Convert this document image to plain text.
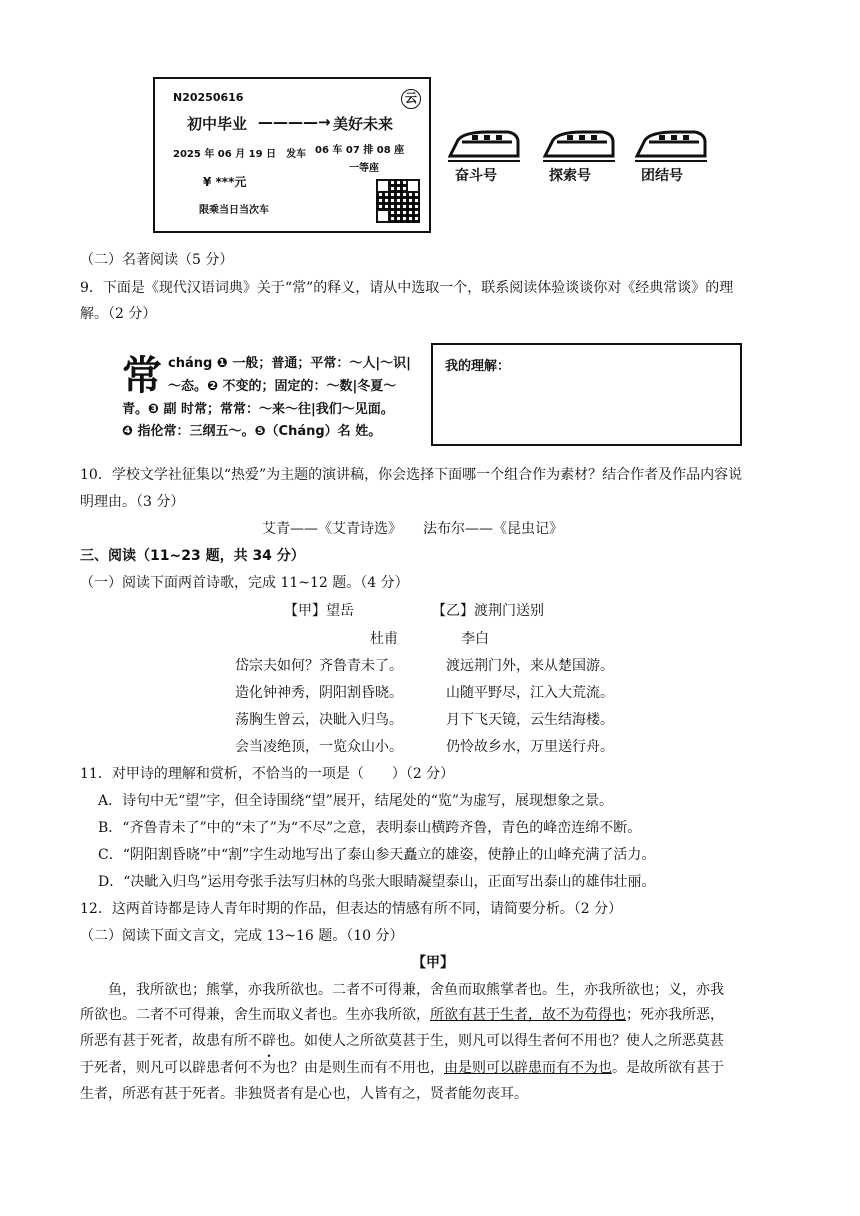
N20250616	云
初中毕业 ————→ 美好未来
2025 年 06 月 19 日　发车 06 车 07 排 08 座
一等座
¥ ***元
限乘当日当次车
奋斗号	探索号	团结号
（二）名著阅读（5 分）
9．下面是《现代汉语词典》关于“常”的释义，请从中选取一个，联系阅读体验谈谈你对《经典常谈》的理
解。（2 分）
常 cháng ❶ 一般；普通；平常：～人|～识|
～态。❷ 不变的；固定的：～数|冬夏～
青。❸ 副 时常；常常：～来～往|我们～见面。
❹ 指伦常：三纲五～。❺（Cháng）名 姓。
我的理解：
10．学校文学社征集以“热爱”为主题的演讲稿，你会选择下面哪一个组合作为素材？结合作者及作品内容说
明理由。（3 分）
艾青——《艾青诗选》　　法布尔——《昆虫记》
三、阅读（11~23 题，共 34 分）
（一）阅读下面两首诗歌，完成 11~12 题。（4 分）
【甲】望岳	【乙】渡荆门送别
杜甫	李白
岱宗夫如何？齐鲁青未了。
造化钟神秀，阴阳割昏晓。
荡胸生曾云，决眦入归鸟。
会当凌绝顶，一览众山小。
渡远荆门外，来从楚国游。
山随平野尽，江入大荒流。
月下飞天镜，云生结海楼。
仍怜故乡水，万里送行舟。
11．对甲诗的理解和赏析，不恰当的一项是（　　）（2 分）
A．诗句中无“望”字，但全诗围绕“望”展开，结尾处的“览”为虚写，展现想象之景。
B．“齐鲁青未了”中的“未了”为“不尽”之意，表明泰山横跨齐鲁，青色的峰峦连绵不断。
C．“阴阳割昏晓”中“割”字生动地写出了泰山参天矗立的雄姿，使静止的山峰充满了活力。
D．“决眦入归鸟”运用夸张手法写归林的鸟张大眼睛凝望泰山，正面写出泰山的雄伟壮丽。
12．这两首诗都是诗人青年时期的作品，但表达的情感有所不同，请简要分析。（2 分）
（二）阅读下面文言文，完成 13~16 题。（10 分）
【甲】
鱼，我所欲也；熊掌，亦我所欲也。二者不可得兼，舍鱼而取熊掌者也。生，亦我所欲也；义，亦我
所欲也。二者不可得兼，舍生而取义者也。生亦我所欲，所欲有甚于生者，故不为苟得也；死亦我所恶，
所恶有甚于死者，故患有所不辟也。如使人之所欲莫甚于生，则凡可以得生者何不用也？使人之所恶莫甚
于死者，则凡可以辟患者何不为也？由是则生而有不用也，由是则可以辟患而有不为也。是故所欲有甚于
生者，所恶有甚于死者。非独贤者有是心也，人皆有之，贤者能勿丧耳。
